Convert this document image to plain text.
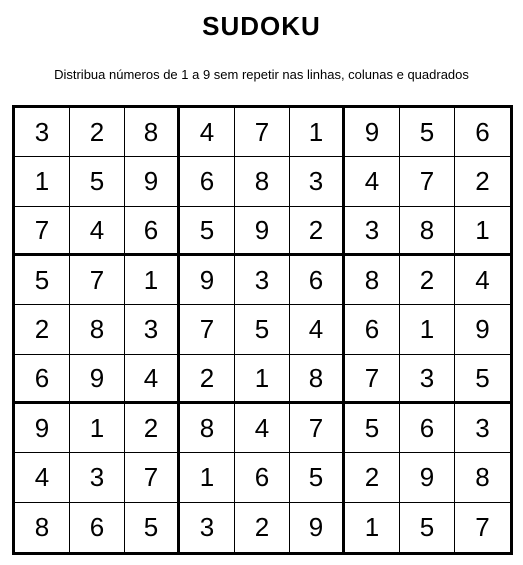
SUDOKU
Distribua números de 1 a 9 sem repetir nas linhas, colunas e quadrados
3	2	8	4	7	1	9	5	6
1	5	9	6	8	3	4	7	2
7	4	6	5	9	2	3	8	1
5	7	1	9	3	6	8	2	4
2	8	3	7	5	4	6	1	9
6	9	4	2	1	8	7	3	5
9	1	2	8	4	7	5	6	3
4	3	7	1	6	5	2	9	8
8	6	5	3	2	9	1	5	7
